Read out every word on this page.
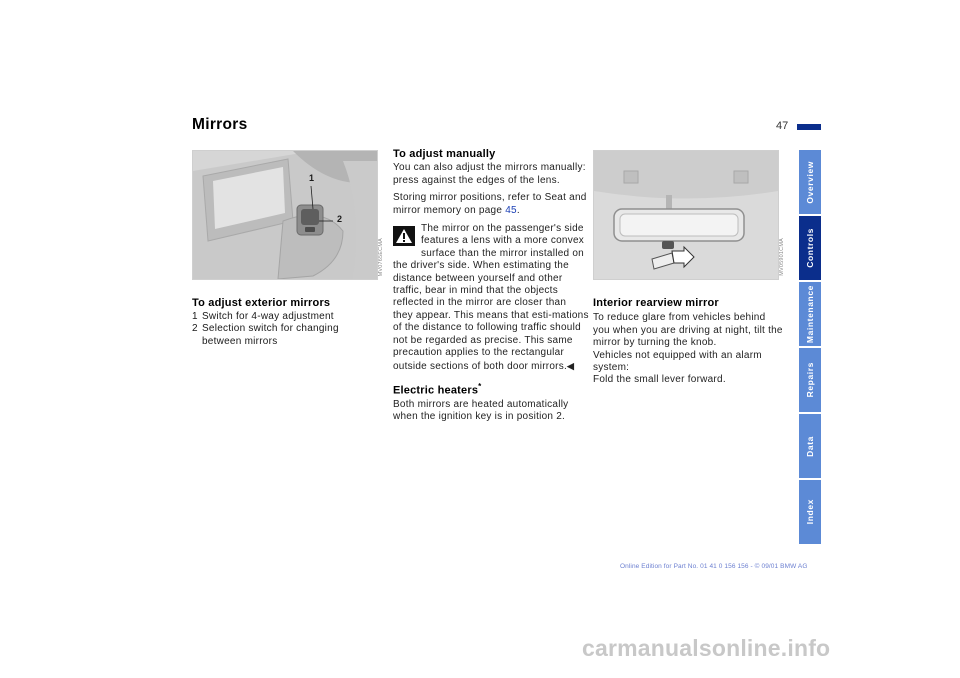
Mirrors	47
1
2
MV0765ECMA
To adjust exterior mirrors
1 Switch for 4-way adjustment
2 Selection switch for changing between mirrors
To adjust manually

You can also adjust the mirrors manually: press against the edges of the lens.

Storing mirror positions, refer to Seat and mirror memory on page 45.

The mirror on the passenger's side features a lens with a more convex surface than the mirror installed on the driver's side. When estimating the distance between yourself and other traffic, bear in mind that the objects reflected in the mirror are closer than they appear. This means that esti-mations of the distance to following traffic should not be regarded as precise. This same precaution applies to the rectangular outside sections of both door mirrors.◀

Electric heaters*

Both mirrors are heated automatically when the ignition key is in position 2.

MV05901CMA
Interior rearview mirror

To reduce glare from vehicles behind you when you are driving at night, tilt the mirror by turning the knob.

Vehicles not equipped with an alarm system:

Fold the small lever forward.

Overview
Controls
Maintenance
Repairs
Data
Index
Online Edition for Part No. 01 41 0 156 156 - © 09/01 BMW AG
carmanualsonline.info
